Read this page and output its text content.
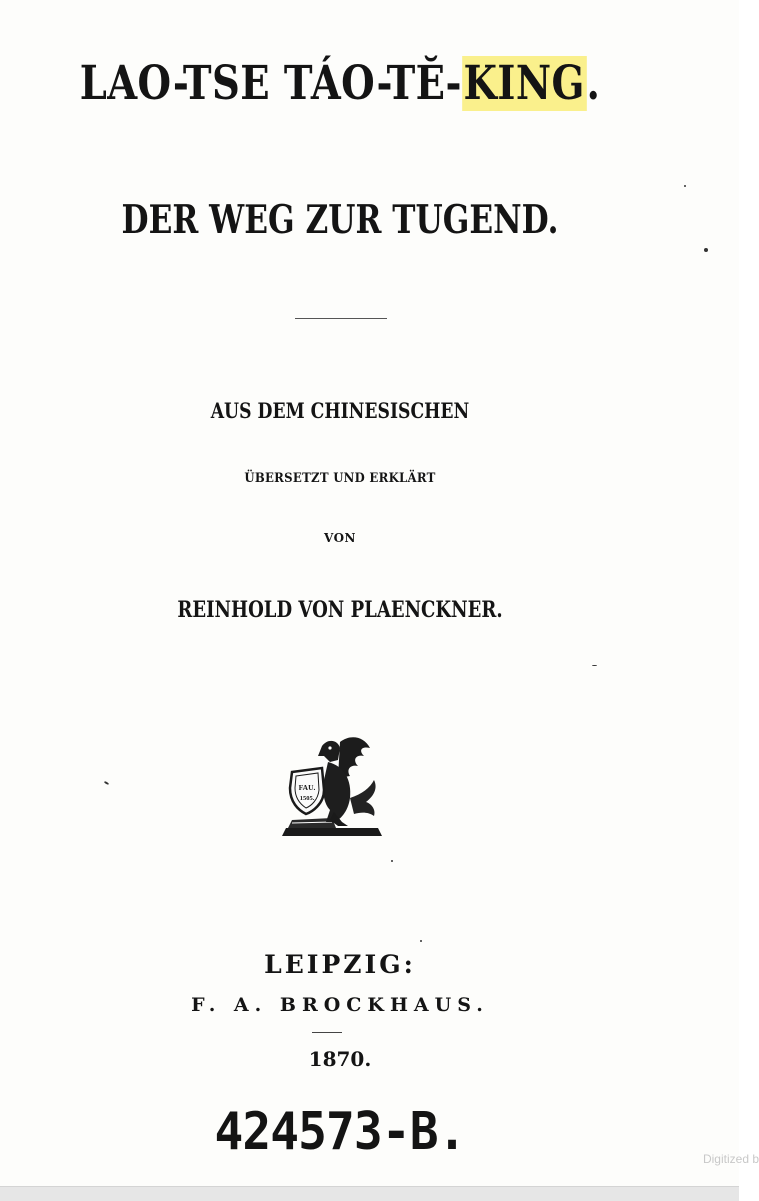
LAO-TSE TÁO-TĔ-KING.
DER WEG ZUR TUGEND.
AUS DEM CHINESISCHEN
ÜBERSETZT UND ERKLÄRT
VON
REINHOLD VON PLAENCKNER.
FAU.
1505.
LEIPZIG:
F. A. BROCKHAUS.
1870.
424573-B.	Digitized b
